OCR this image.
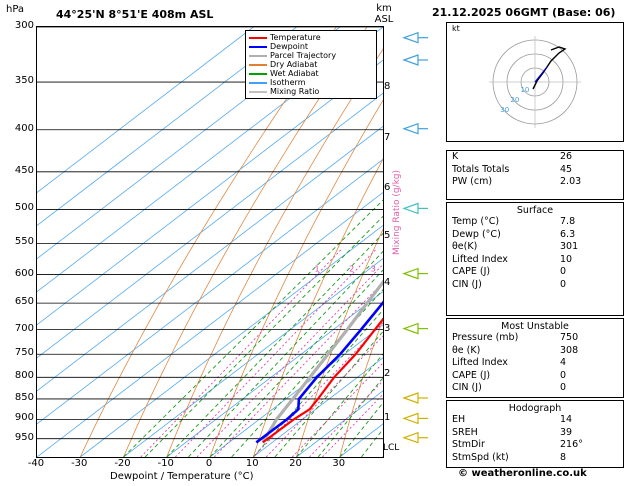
hPa	44°25'N 8°51'E 408m ASL	km
ASL
21.12.2025 06GMT (Base: 06)
1	2 3
300
350
400
450
500
550
600
650
700
750
800
850
900
950
-40	-30	-20	-10	0	10	20	30
Dewpoint / Temperature (°C)
1
2
3
4
5
6
7
8
Mixing Ratio (g/kg)
LCL
Temperature
Dewpoint
Parcel Trajectory
Dry Adiabat
Wet Adiabat
Isotherm
Mixing Ratio	10
20
30
kt
K	26
Totals Totals	45
PW (cm)	2.03
Surface
Temp (°C)	7.8
Dewp (°C)	6.3
θe(K)	301
Lifted Index	10
CAPE (J)	0
CIN (J)	0
Most Unstable
Pressure (mb)	750
θe (K)	308
Lifted Index	4
CAPE (J)	0
CIN (J)	0
Hodograph
EH	14
SREH	39
StmDir	216°
StmSpd (kt)	8
© weatheronline.co.uk
